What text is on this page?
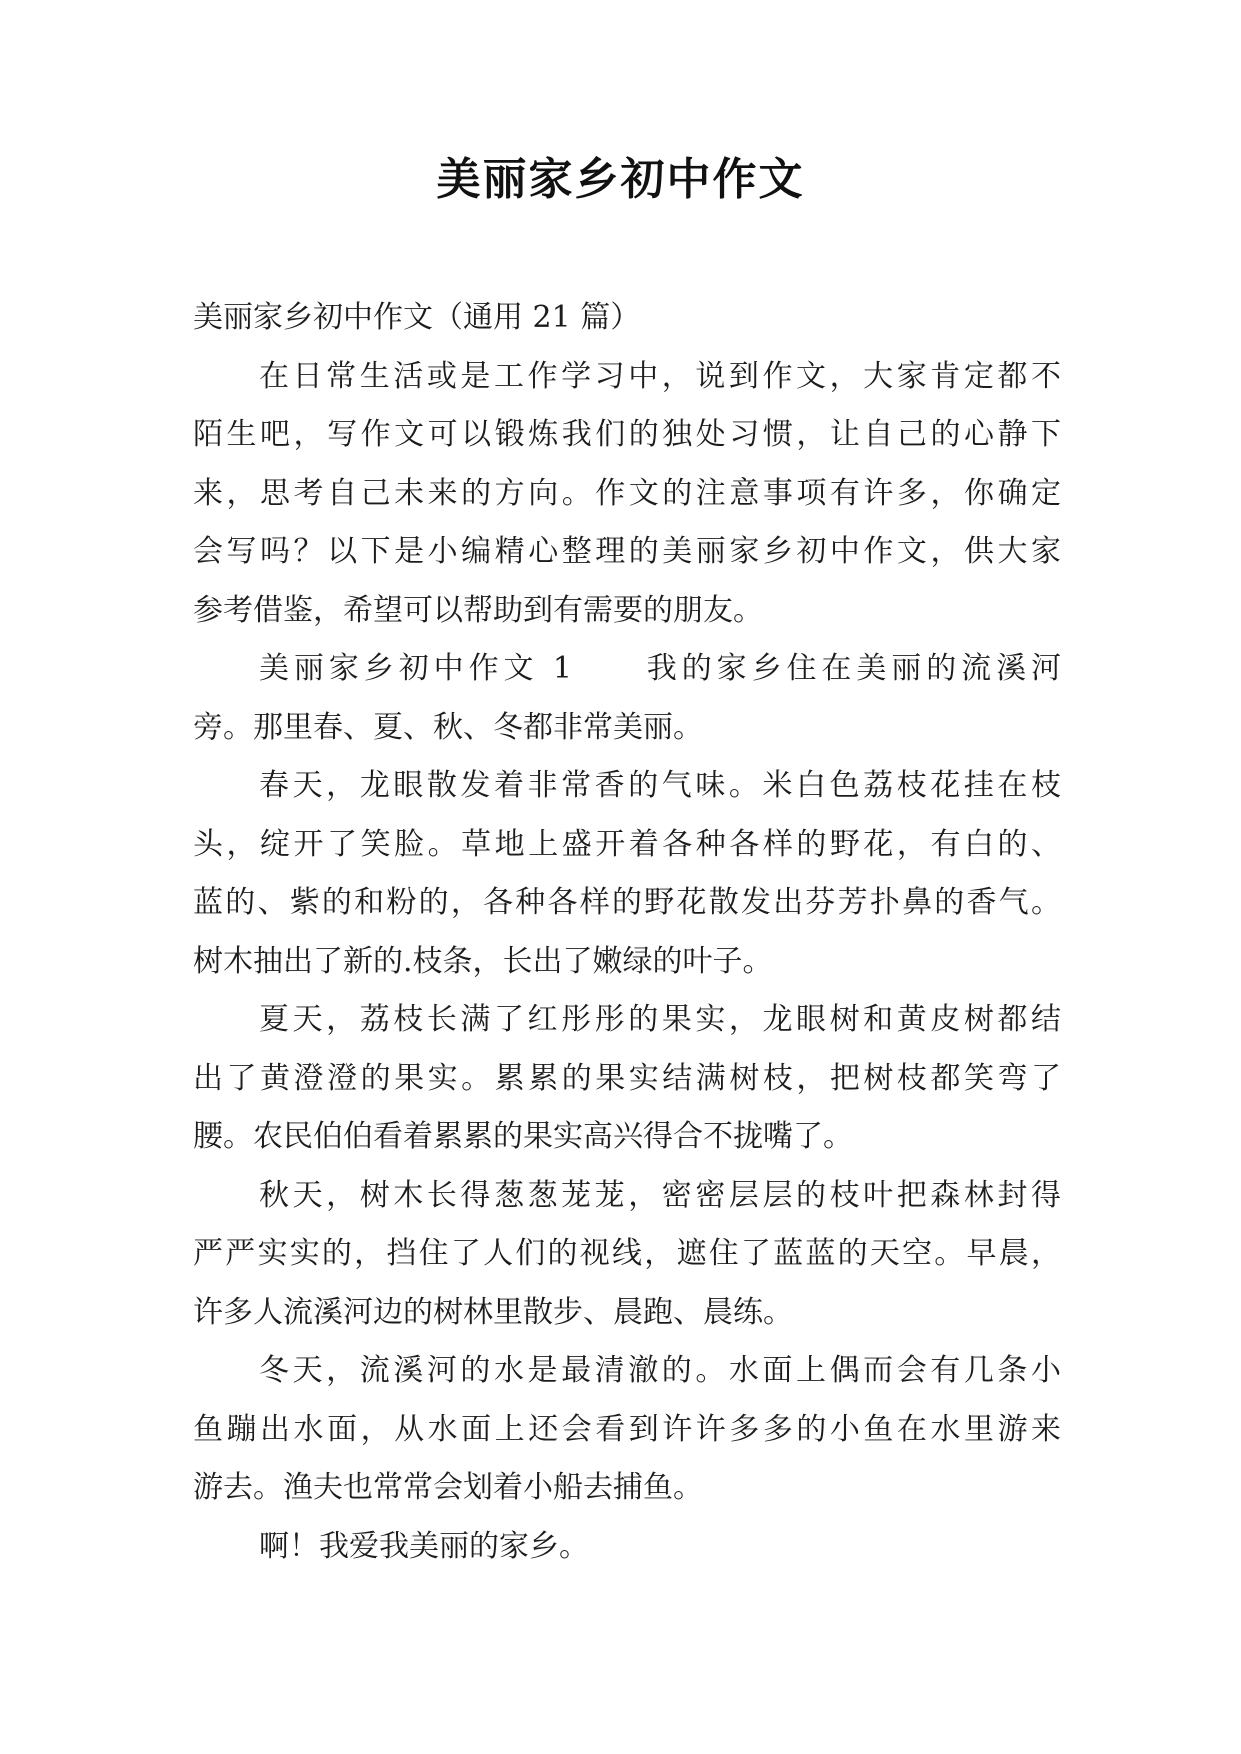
美丽家乡初中作文
美丽家乡初中作文（通用 21 篇）
在日常生活或是工作学习中，说到作文，大家肯定都不
陌生吧，写作文可以锻炼我们的独处习惯，让自己的心静下
来，思考自己未来的方向。作文的注意事项有许多，你确定
会写吗？以下是小编精心整理的美丽家乡初中作文，供大家
参考借鉴，希望可以帮助到有需要的朋友。
美丽家乡初中作文 1　　我的家乡住在美丽的流溪河
旁。那里春、夏、秋、冬都非常美丽。
春天，龙眼散发着非常香的气味。米白色荔枝花挂在枝
头，绽开了笑脸。草地上盛开着各种各样的野花，有白的、
蓝的、紫的和粉的，各种各样的野花散发出芬芳扑鼻的香气。
树木抽出了新的.枝条，长出了嫩绿的叶子。
夏天，荔枝长满了红彤彤的果实，龙眼树和黄皮树都结
出了黄澄澄的果实。累累的果实结满树枝，把树枝都笑弯了
腰。农民伯伯看着累累的果实高兴得合不拢嘴了。
秋天，树木长得葱葱茏茏，密密层层的枝叶把森林封得
严严实实的，挡住了人们的视线，遮住了蓝蓝的天空。早晨，
许多人流溪河边的树林里散步、晨跑、晨练。
冬天，流溪河的水是最清澈的。水面上偶而会有几条小
鱼蹦出水面，从水面上还会看到许许多多的小鱼在水里游来
游去。渔夫也常常会划着小船去捕鱼。
啊！我爱我美丽的家乡。
